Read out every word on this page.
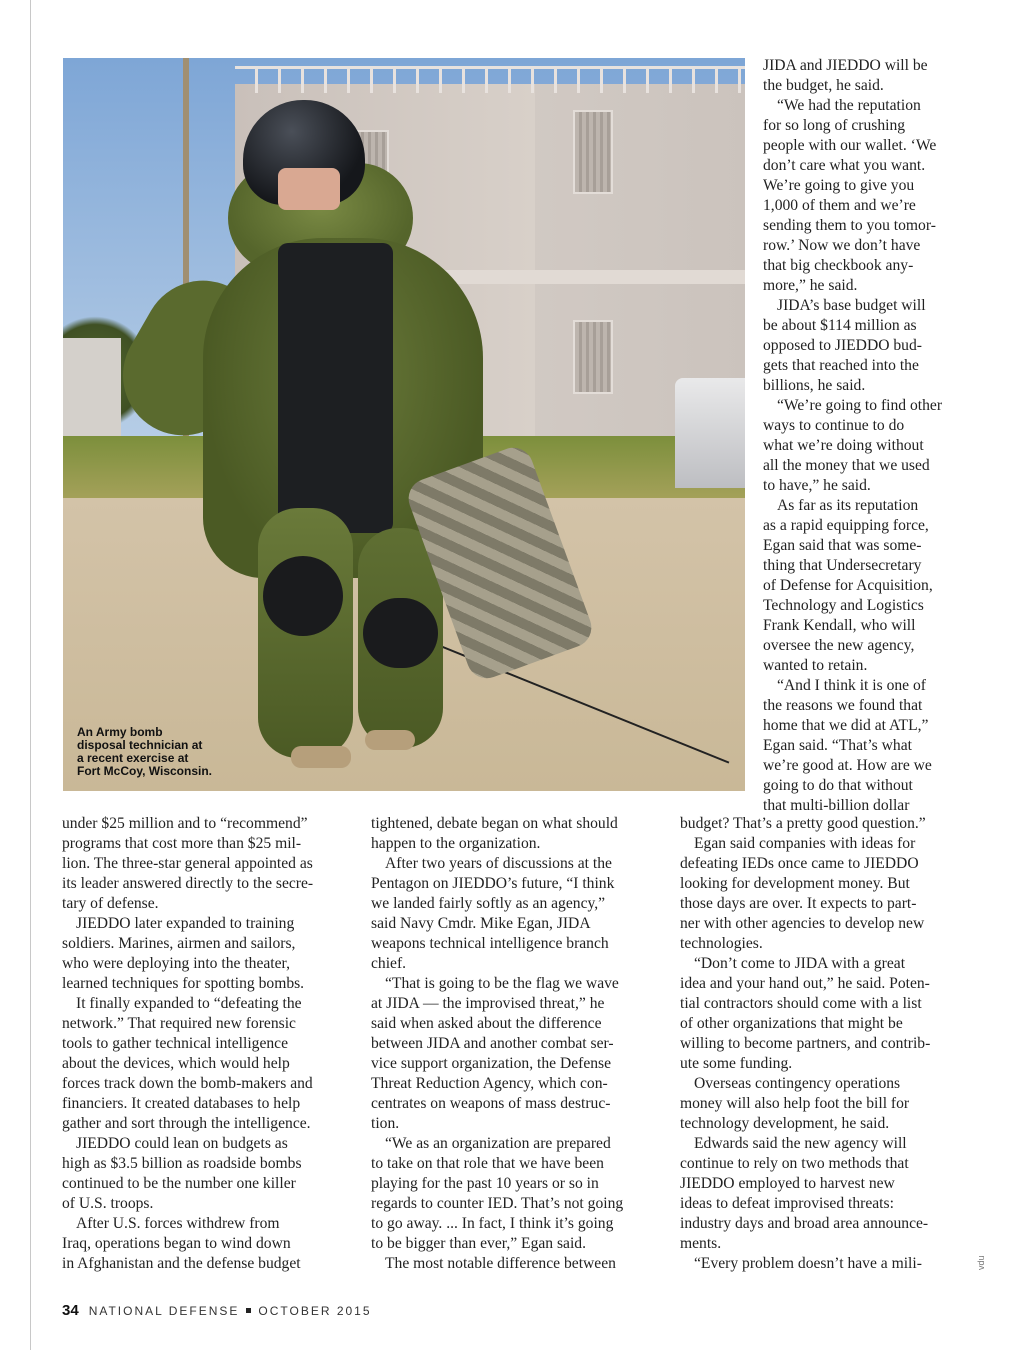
An Army bomb
disposal technician at
a recent exercise at
Fort McCoy, Wisconsin.

JIDA and JIEDDO will be

the budget, he said.

“We had the reputation

for so long of crushing

people with our wallet. ‘We

don’t care what you want.

We’re going to give you

1,000 of them and we’re

sending them to you tomor-

row.’ Now we don’t have

that big checkbook any-

more,” he said.

JIDA’s base budget will

be about $114 million as

opposed to JIEDDO bud-

gets that reached into the

billions, he said.

“We’re going to find other

ways to continue to do

what we’re doing without

all the money that we used

to have,” he said.

As far as its reputation

as a rapid equipping force,

Egan said that was some-

thing that Undersecretary

of Defense for Acquisition,

Technology and Logistics

Frank Kendall, who will

oversee the new agency,

wanted to retain.

“And I think it is one of

the reasons we found that

home that we did at ATL,”

Egan said. “That’s what

we’re good at. How are we

going to do that without

that multi-billion dollar

under $25 million and to “recommend”

programs that cost more than $25 mil-

lion. The three-star general appointed as

its leader answered directly to the secre-

tary of defense.

JIEDDO later expanded to training

soldiers. Marines, airmen and sailors,

who were deploying into the theater,

learned techniques for spotting bombs.

It finally expanded to “defeating the

network.” That required new forensic

tools to gather technical intelligence

about the devices, which would help

forces track down the bomb-makers and

financiers. It created databases to help

gather and sort through the intelligence.

JIEDDO could lean on budgets as

high as $3.5 billion as roadside bombs

continued to be the number one killer

of U.S. troops.

After U.S. forces withdrew from

Iraq, operations began to wind down

in Afghanistan and the defense budget

tightened, debate began on what should

happen to the organization.

After two years of discussions at the

Pentagon on JIEDDO’s future, “I think

we landed fairly softly as an agency,”

said Navy Cmdr. Mike Egan, JIDA

weapons technical intelligence branch

chief.

“That is going to be the flag we wave

at JIDA — the improvised threat,” he

said when asked about the difference

between JIDA and another combat ser-

vice support organization, the Defense

Threat Reduction Agency, which con-

centrates on weapons of mass destruc-

tion.

“We as an organization are prepared

to take on that role that we have been

playing for the past 10 years or so in

regards to counter IED. That’s not going

to go away. ... In fact, I think it’s going

to be bigger than ever,” Egan said.

The most notable difference between

budget? That’s a pretty good question.”

Egan said companies with ideas for

defeating IEDs once came to JIEDDO

looking for development money. But

those days are over. It expects to part-

ner with other agencies to develop new

technologies.

“Don’t come to JIDA with a great

idea and your hand out,” he said. Poten-

tial contractors should come with a list

of other organizations that might be

willing to become partners, and contrib-

ute some funding.

Overseas contingency operations

money will also help foot the bill for

technology development, he said.

Edwards said the new agency will

continue to rely on two methods that

JIEDDO employed to harvest new

ideas to defeat improvised threats:

industry days and broad area announce-

ments.

“Every problem doesn’t have a mili-

34 NATIONAL DEFENSE OCTOBER 2015
vdu
